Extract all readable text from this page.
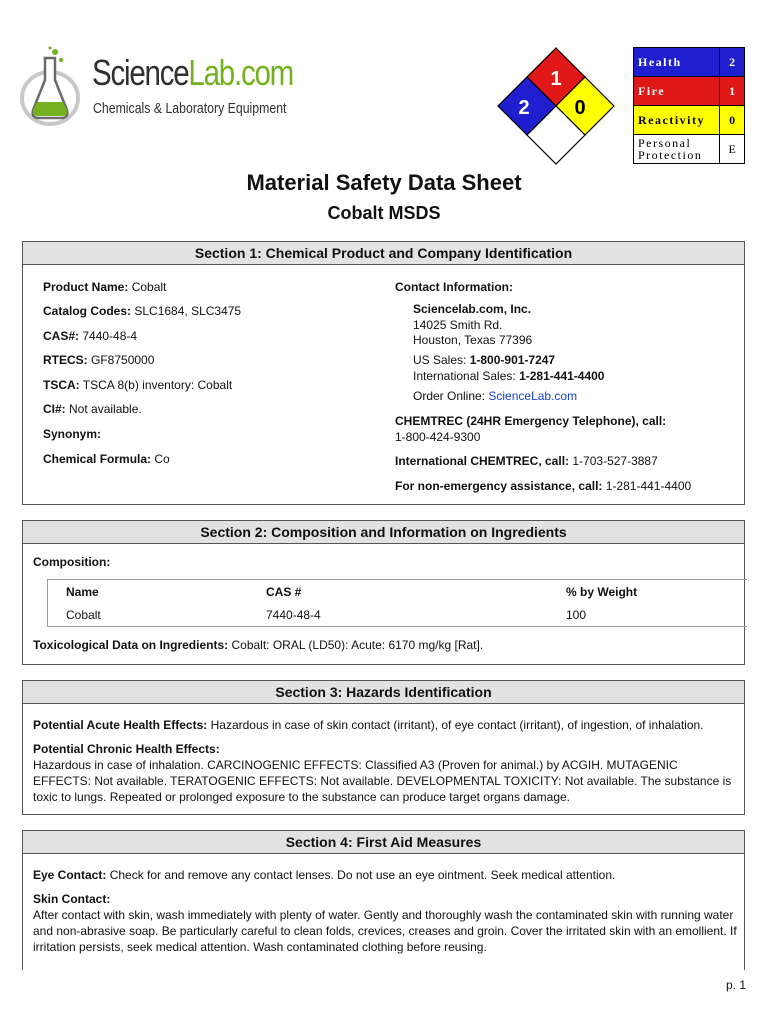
ScienceLab.com
Chemicals & Laboratory Equipment
1
2 0
Health	2
Fire	1
Reactivity	0
Personal
Protection	E
Material Safety Data Sheet
Cobalt MSDS
Section 1: Chemical Product and Company Identification
Product Name: Cobalt
Catalog Codes: SLC1684, SLC3475
CAS#: 7440-48-4
RTECS: GF8750000
TSCA: TSCA 8(b) inventory: Cobalt
CI#: Not available.
Synonym:
Chemical Formula: Co
Contact Information:
Sciencelab.com, Inc.
14025 Smith Rd.
Houston, Texas 77396
US Sales: 1-800-901-7247
International Sales: 1-281-441-4400
Order Online: ScienceLab.com
CHEMTREC (24HR Emergency Telephone), call:
1-800-424-9300
International CHEMTREC, call: 1-703-527-3887
For non-emergency assistance, call: 1-281-441-4400
Section 2: Composition and Information on Ingredients
Composition:
Name	CAS #	% by Weight
Cobalt	7440-48-4	100
Toxicological Data on Ingredients: Cobalt: ORAL (LD50): Acute: 6170 mg/kg [Rat].
Section 3: Hazards Identification
Potential Acute Health Effects: Hazardous in case of skin contact (irritant), of eye contact (irritant), of ingestion, of inhalation.
Potential Chronic Health Effects:
Hazardous in case of inhalation. CARCINOGENIC EFFECTS: Classified A3 (Proven for animal.) by ACGIH. MUTAGENIC EFFECTS: Not available. TERATOGENIC EFFECTS: Not available. DEVELOPMENTAL TOXICITY: Not available. The substance is toxic to lungs. Repeated or prolonged exposure to the substance can produce target organs damage.
Section 4: First Aid Measures
Eye Contact: Check for and remove any contact lenses. Do not use an eye ointment. Seek medical attention.
Skin Contact:
After contact with skin, wash immediately with plenty of water. Gently and thoroughly wash the contaminated skin with running water and non-abrasive soap. Be particularly careful to clean folds, crevices, creases and groin. Cover the irritated skin with an emollient. If irritation persists, seek medical attention. Wash contaminated clothing before reusing.
p. 1
